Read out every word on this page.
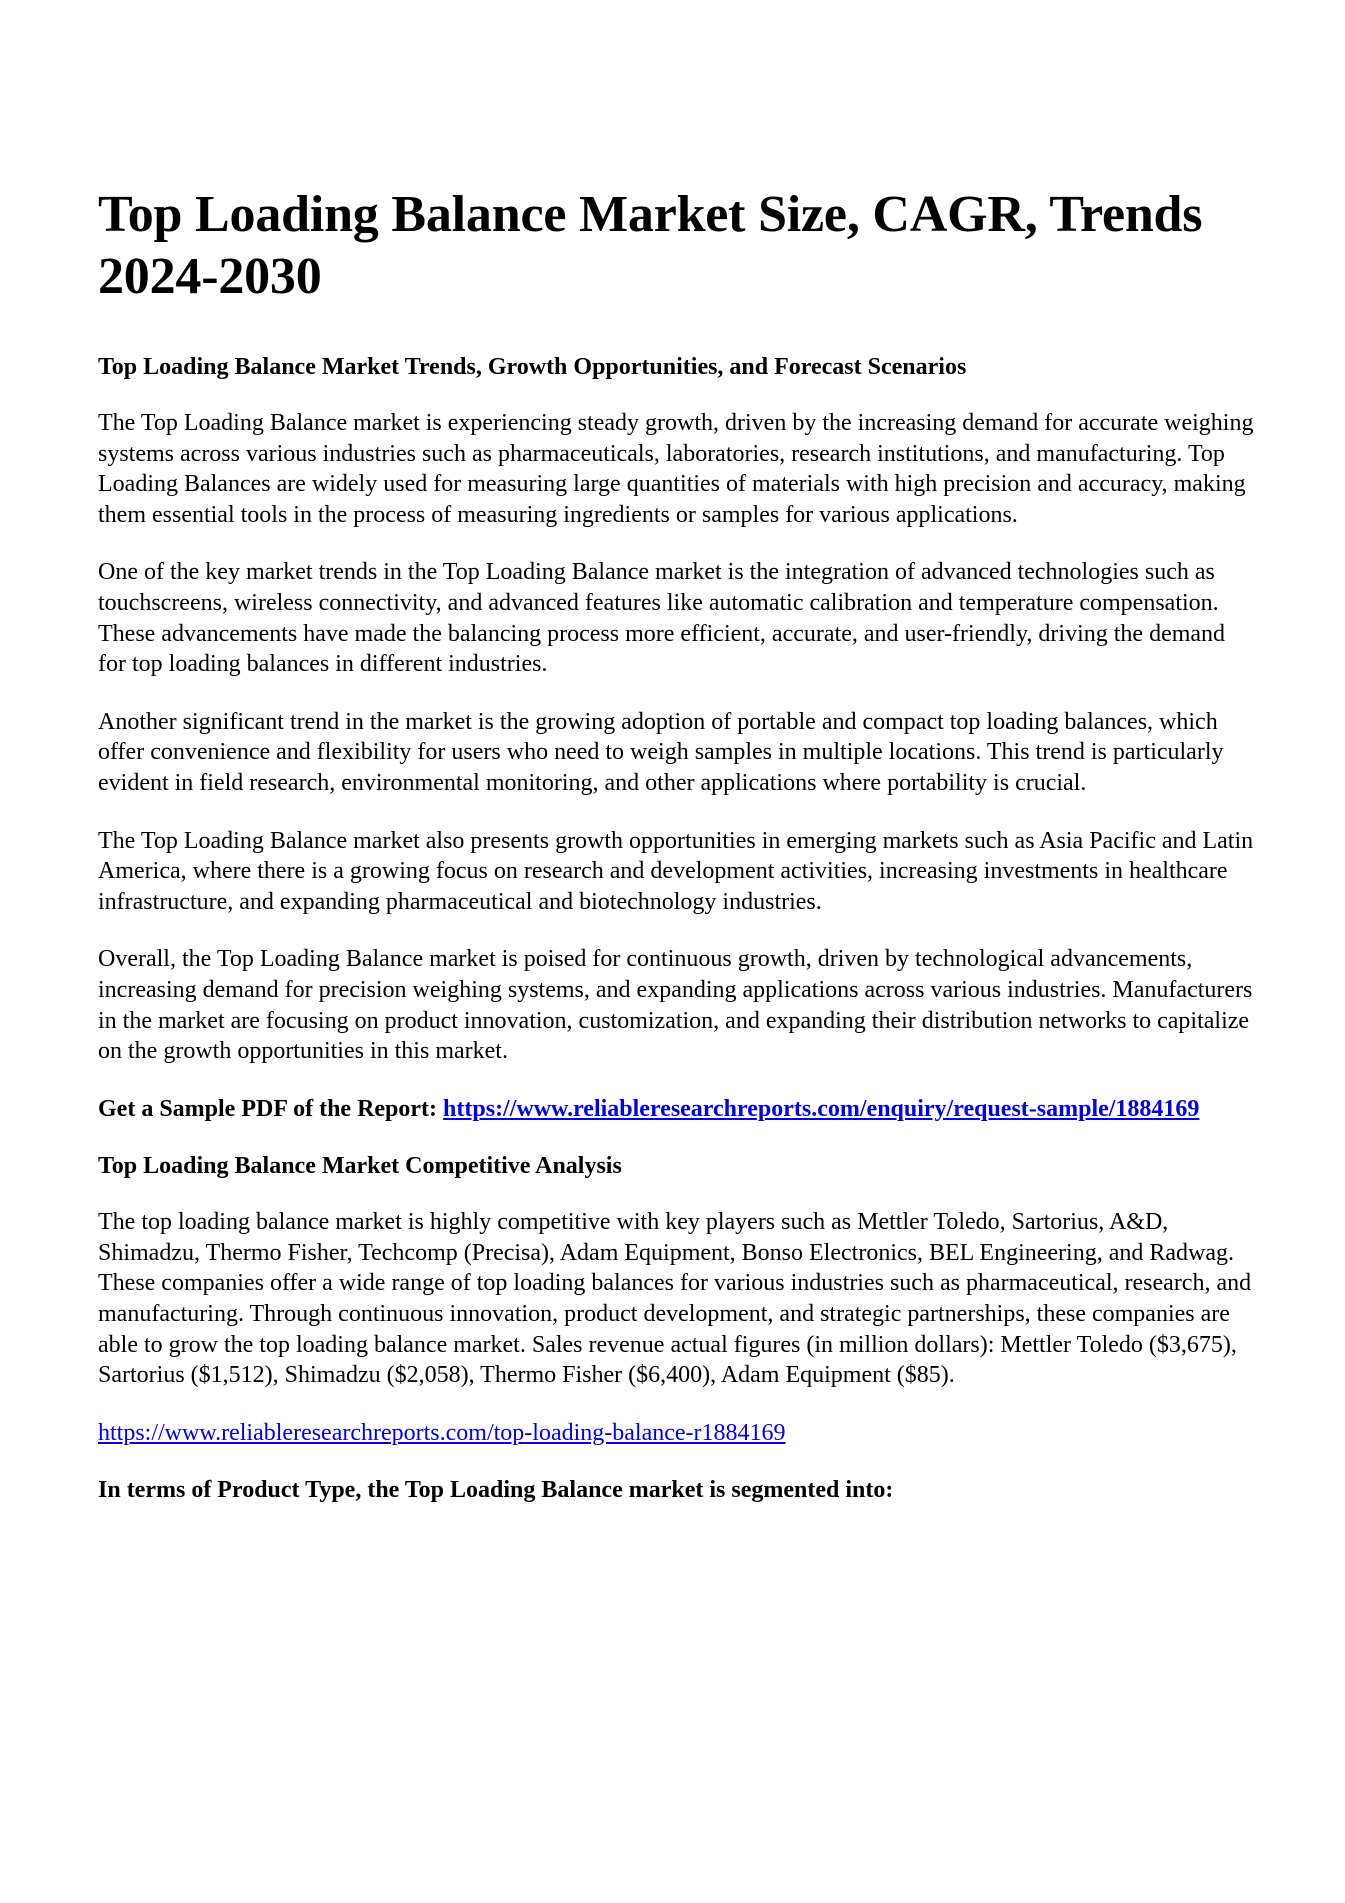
Top Loading Balance Market Size, CAGR, Trends 2024-2030
Top Loading Balance Market Trends, Growth Opportunities, and Forecast Scenarios

The Top Loading Balance market is experiencing steady growth, driven by the increasing demand for accurate weighing systems across various industries such as pharmaceuticals, laboratories, research institutions, and manufacturing. Top Loading Balances are widely used for measuring large quantities of materials with high precision and accuracy, making them essential tools in the process of measuring ingredients or samples for various applications.

One of the key market trends in the Top Loading Balance market is the integration of advanced technologies such as touchscreens, wireless connectivity, and advanced features like automatic calibration and temperature compensation. These advancements have made the balancing process more efficient, accurate, and user-friendly, driving the demand for top loading balances in different industries.

Another significant trend in the market is the growing adoption of portable and compact top loading balances, which offer convenience and flexibility for users who need to weigh samples in multiple locations. This trend is particularly evident in field research, environmental monitoring, and other applications where portability is crucial.

The Top Loading Balance market also presents growth opportunities in emerging markets such as Asia Pacific and Latin America, where there is a growing focus on research and development activities, increasing investments in healthcare infrastructure, and expanding pharmaceutical and biotechnology industries.

Overall, the Top Loading Balance market is poised for continuous growth, driven by technological advancements, increasing demand for precision weighing systems, and expanding applications across various industries. Manufacturers in the market are focusing on product innovation, customization, and expanding their distribution networks to capitalize on the growth opportunities in this market.

Get a Sample PDF of the Report: https://www.reliableresearchreports.com/enquiry/request-sample/1884169

Top Loading Balance Market Competitive Analysis

The top loading balance market is highly competitive with key players such as Mettler Toledo, Sartorius, A&D, Shimadzu, Thermo Fisher, Techcomp (Precisa), Adam Equipment, Bonso Electronics, BEL Engineering, and Radwag. These companies offer a wide range of top loading balances for various industries such as pharmaceutical, research, and manufacturing. Through continuous innovation, product development, and strategic partnerships, these companies are able to grow the top loading balance market. Sales revenue actual figures (in million dollars): Mettler Toledo ($3,675), Sartorius ($1,512), Shimadzu ($2,058), Thermo Fisher ($6,400), Adam Equipment ($85).

https://www.reliableresearchreports.com/top-loading-balance-r1884169

In terms of Product Type, the Top Loading Balance market is segmented into:
